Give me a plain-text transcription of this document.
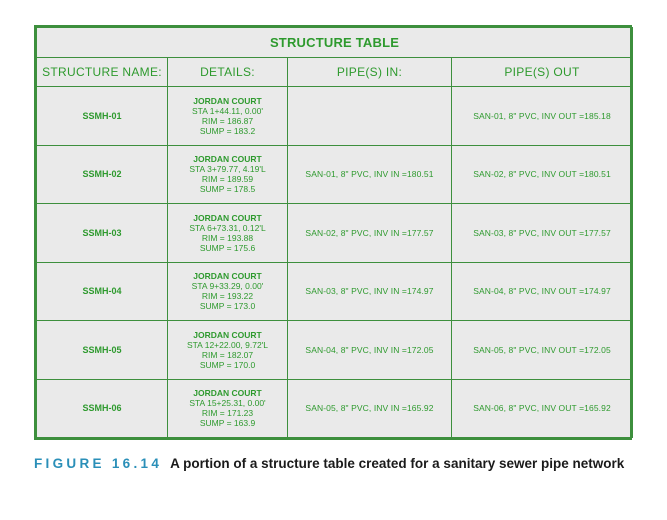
STRUCTURE TABLE			
STRUCTURE NAME:	DETAILS:	PIPE(S) IN:	PIPE(S) OUT
SSMH-01	JORDAN COURT
STA 1+44.11, 0.00'
RIM = 186.87
SUMP = 183.2		SAN-01, 8" PVC, INV OUT =185.18
SSMH-02	JORDAN COURT
STA 3+79.77, 4.19'L
RIM = 189.59
SUMP = 178.5	SAN-01, 8" PVC, INV IN =180.51	SAN-02, 8" PVC, INV OUT =180.51
SSMH-03	JORDAN COURT
STA 6+73.31, 0.12'L
RIM = 193.88
SUMP = 175.6	SAN-02, 8" PVC, INV IN =177.57	SAN-03, 8" PVC, INV OUT =177.57
SSMH-04	JORDAN COURT
STA 9+33.29, 0.00'
RIM = 193.22
SUMP = 173.0	SAN-03, 8" PVC, INV IN =174.97	SAN-04, 8" PVC, INV OUT =174.97
SSMH-05	JORDAN COURT
STA 12+22.00, 9.72'L
RIM = 182.07
SUMP = 170.0	SAN-04, 8" PVC, INV IN =172.05	SAN-05, 8" PVC, INV OUT =172.05
SSMH-06	JORDAN COURT
STA 15+25.31, 0.00'
RIM = 171.23
SUMP = 163.9	SAN-05, 8" PVC, INV IN =165.92	SAN-06, 8" PVC, INV OUT =165.92
FIGURE 16.14 A portion of a structure table created for a sanitary sewer pipe network
